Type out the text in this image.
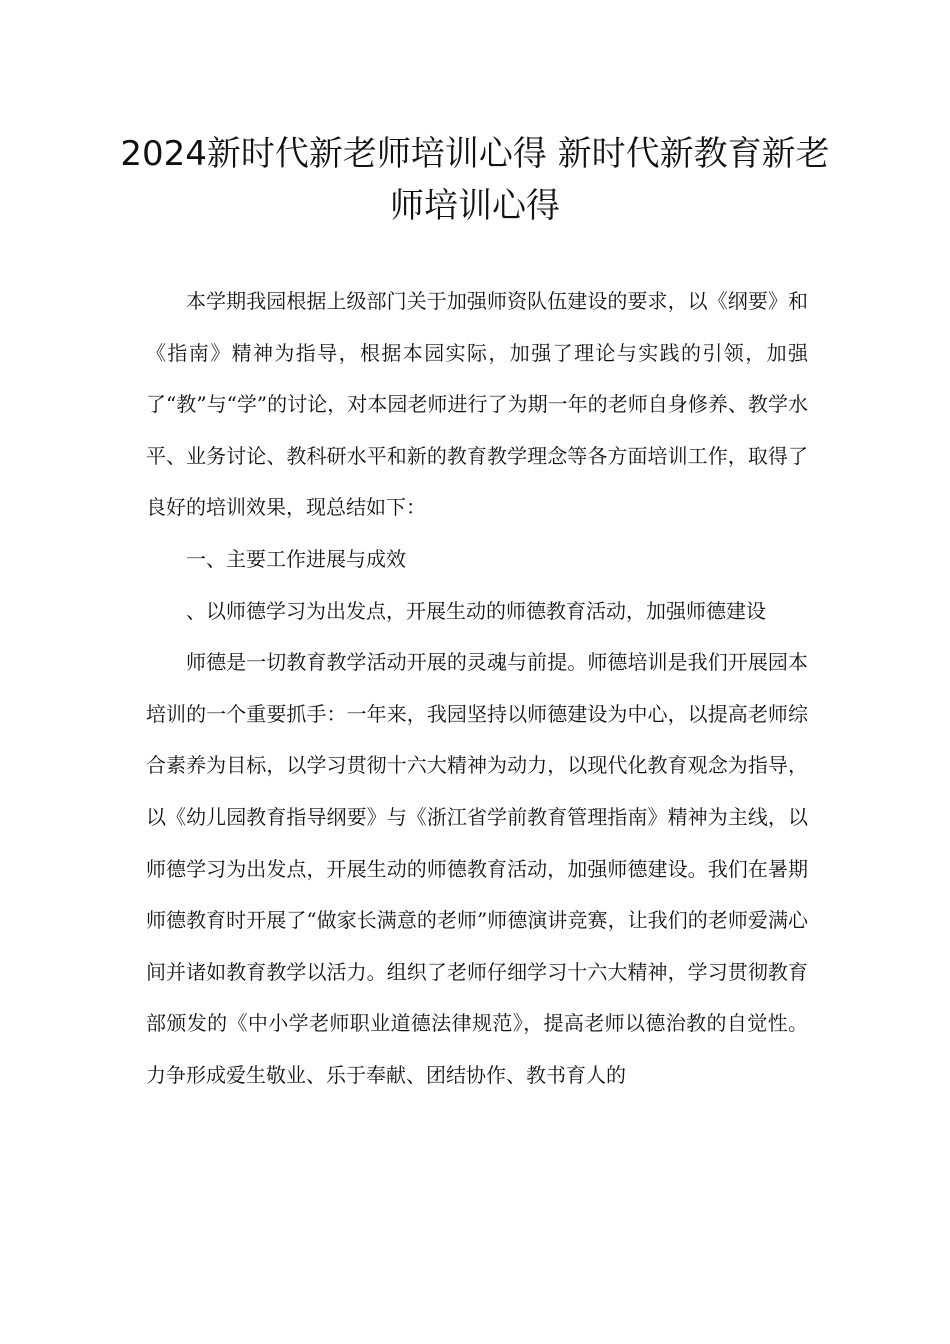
2024新时代新老师培训心得 新时代新教育新老师培训心得

本学期我园根据上级部门关于加强师资队伍建设的要求，以《纲要》和《指南》精神为指导，根据本园实际，加强了理论与实践的引领，加强了“教”与“学”的讨论，对本园老师进行了为期一年的老师自身修养、教学水平、业务讨论、教科研水平和新的教育教学理念等各方面培训工作，取得了良好的培训效果，现总结如下：

一、主要工作进展与成效

、以师德学习为出发点，开展生动的师德教育活动，加强师德建设

师德是一切教育教学活动开展的灵魂与前提。师德培训是我们开展园本培训的一个重要抓手：一年来，我园坚持以师德建设为中心，以提高老师综合素养为目标，以学习贯彻十六大精神为动力，以现代化教育观念为指导，以《幼儿园教育指导纲要》与《浙江省学前教育管理指南》精神为主线，以师德学习为出发点，开展生动的师德教育活动，加强师德建设。我们在暑期师德教育时开展了“做家长满意的老师”师德演讲竞赛，让我们的老师爱满心间并诸如教育教学以活力。组织了老师仔细学习十六大精神，学习贯彻教育部颁发的《中小学老师职业道德法律规范》，提高老师以德治教的自觉性。力争形成爱生敬业、乐于奉献、团结协作、教书育人的
